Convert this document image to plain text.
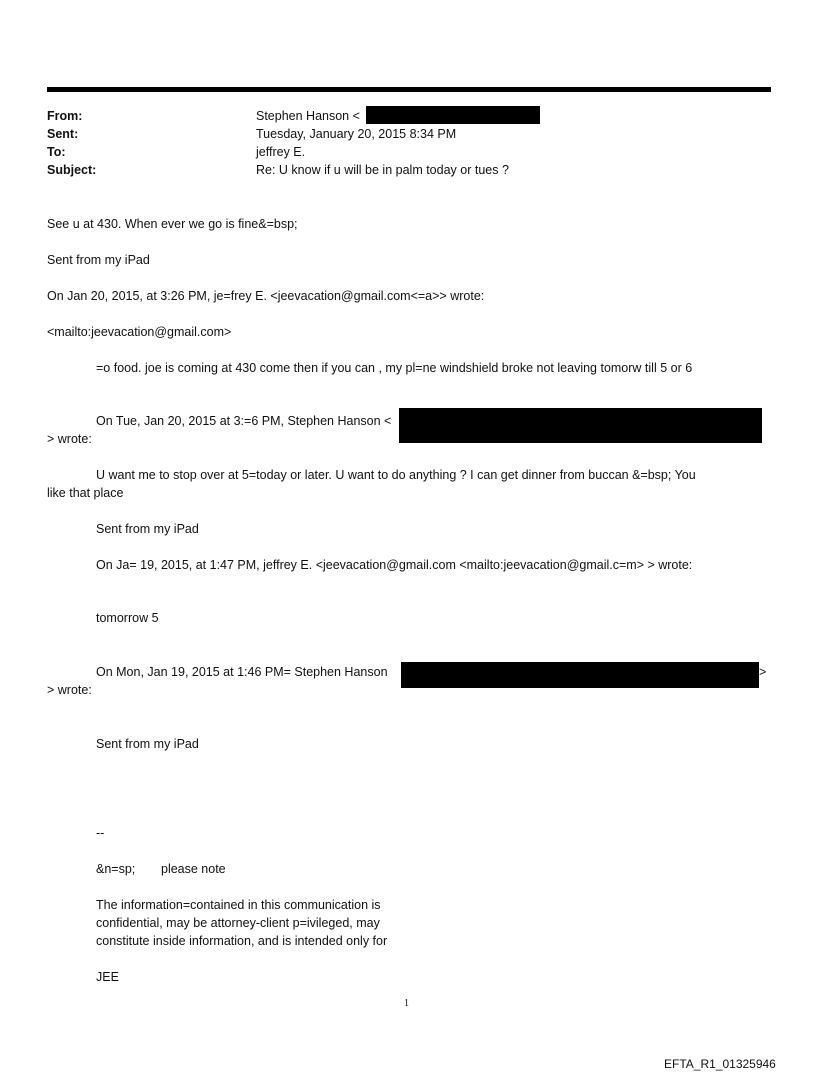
From:	Stephen Hanson <
Sent:	Tuesday, January 20, 2015 8:34 PM
To:	jeffrey E.
Subject:	Re: U know if u will be in palm today or tues ?
See u at 430. When ever we go is fine&=bsp;
Sent from my iPad
On Jan 20, 2015, at 3:26 PM, je=frey E. <jeevacation@gmail.com<=a>> wrote:
<mailto:jeevacation@gmail.com>
=o food. joe is coming at 430 come then if you can , my pl=ne windshield broke not leaving tomorw till 5 or 6
On Tue, Jan 20, 2015 at 3:=6 PM, Stephen Hanson <
> wrote:
U want me to stop over at 5=today or later. U want to do anything ? I can get dinner from buccan &=bsp; You
like that place
Sent from my iPad
On Ja= 19, 2015, at 1:47 PM, jeffrey E. <jeevacation@gmail.com <mailto:jeevacation@gmail.c=m> > wrote:
tomorrow 5
On Mon, Jan 19, 2015 at 1:46 PM= Stephen Hanson	>
> wrote:
Sent from my iPad
--
&n=sp; please note
The information=contained in this communication is
confidential, may be attorney-client p=ivileged, may
constitute inside information, and is intended only for
JEE
1
EFTA_R1_01325946
